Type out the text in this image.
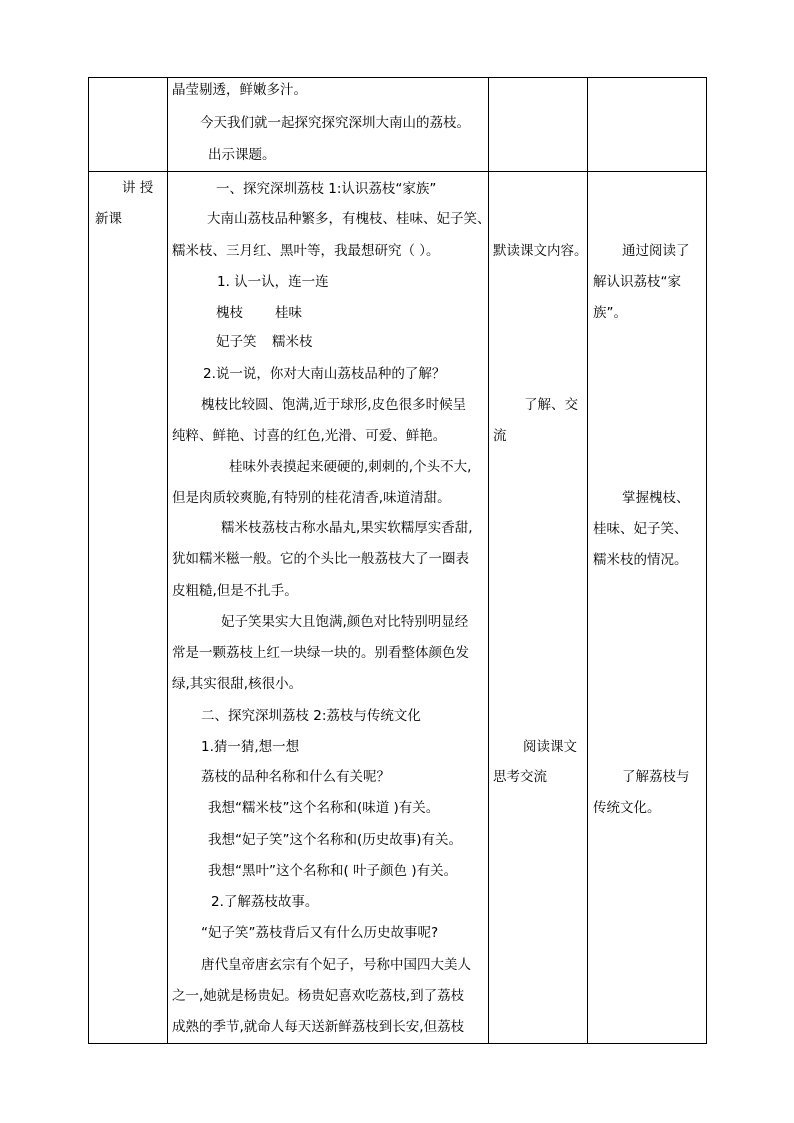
晶莹剔透，鲜嫩多汁。
今天我们就一起探究探究深圳大南山的荔枝。
出示课题。
讲 授
新课
一、探究深圳荔枝 1:认识荔枝“家族”
大南山荔枝品种繁多，有槐枝、桂味、妃子笑、
糯米枝、三月红、黑叶等，我最想研究（ ）。
1. 认一认，连一连
槐枝 桂味
妃子笑 糯米枝
2.说一说，你对大南山荔枝品种的了解？
槐枝比较圆、饱满,近于球形,皮色很多时候呈
纯粹、鲜艳、讨喜的红色,光滑、可爱、鲜艳。
桂味外表摸起来硬硬的,刺刺的,个头不大,
但是肉质较爽脆,有特别的桂花清香,味道清甜。
糯米枝荔枝古称水晶丸,果实软糯厚实香甜,
犹如糯米糍一般。它的个头比一般荔枝大了一圈表
皮粗糙,但是不扎手。
妃子笑果实大且饱满,颜色对比特别明显经
常是一颗荔枝上红一块绿一块的。别看整体颜色发
绿,其实很甜,核很小。
二、探究深圳荔枝 2:荔枝与传统文化
1.猜一猜,想一想
荔枝的品种名称和什么有关呢？
我想“糯米枝”这个名称和(味道 )有关。
我想“妃子笑”这个名称和(历史故事)有关。
我想“黑叶”这个名称和( 叶子颜色 )有关。
2.了解荔枝故事。
“妃子笑”荔枝背后又有什么历史故事呢?
唐代皇帝唐玄宗有个妃子，号称中国四大美人
之一,她就是杨贵妃。杨贵妃喜欢吃荔枝,到了荔枝
成熟的季节,就命人每天送新鲜荔枝到长安,但荔枝
默读课文内容。
了解、交
流
阅读课文
思考交流
通过阅读了
解认识荔枝“家
族”。
掌握槐枝、
桂味、妃子笑、
糯米枝的情况。
了解荔枝与
传统文化。
